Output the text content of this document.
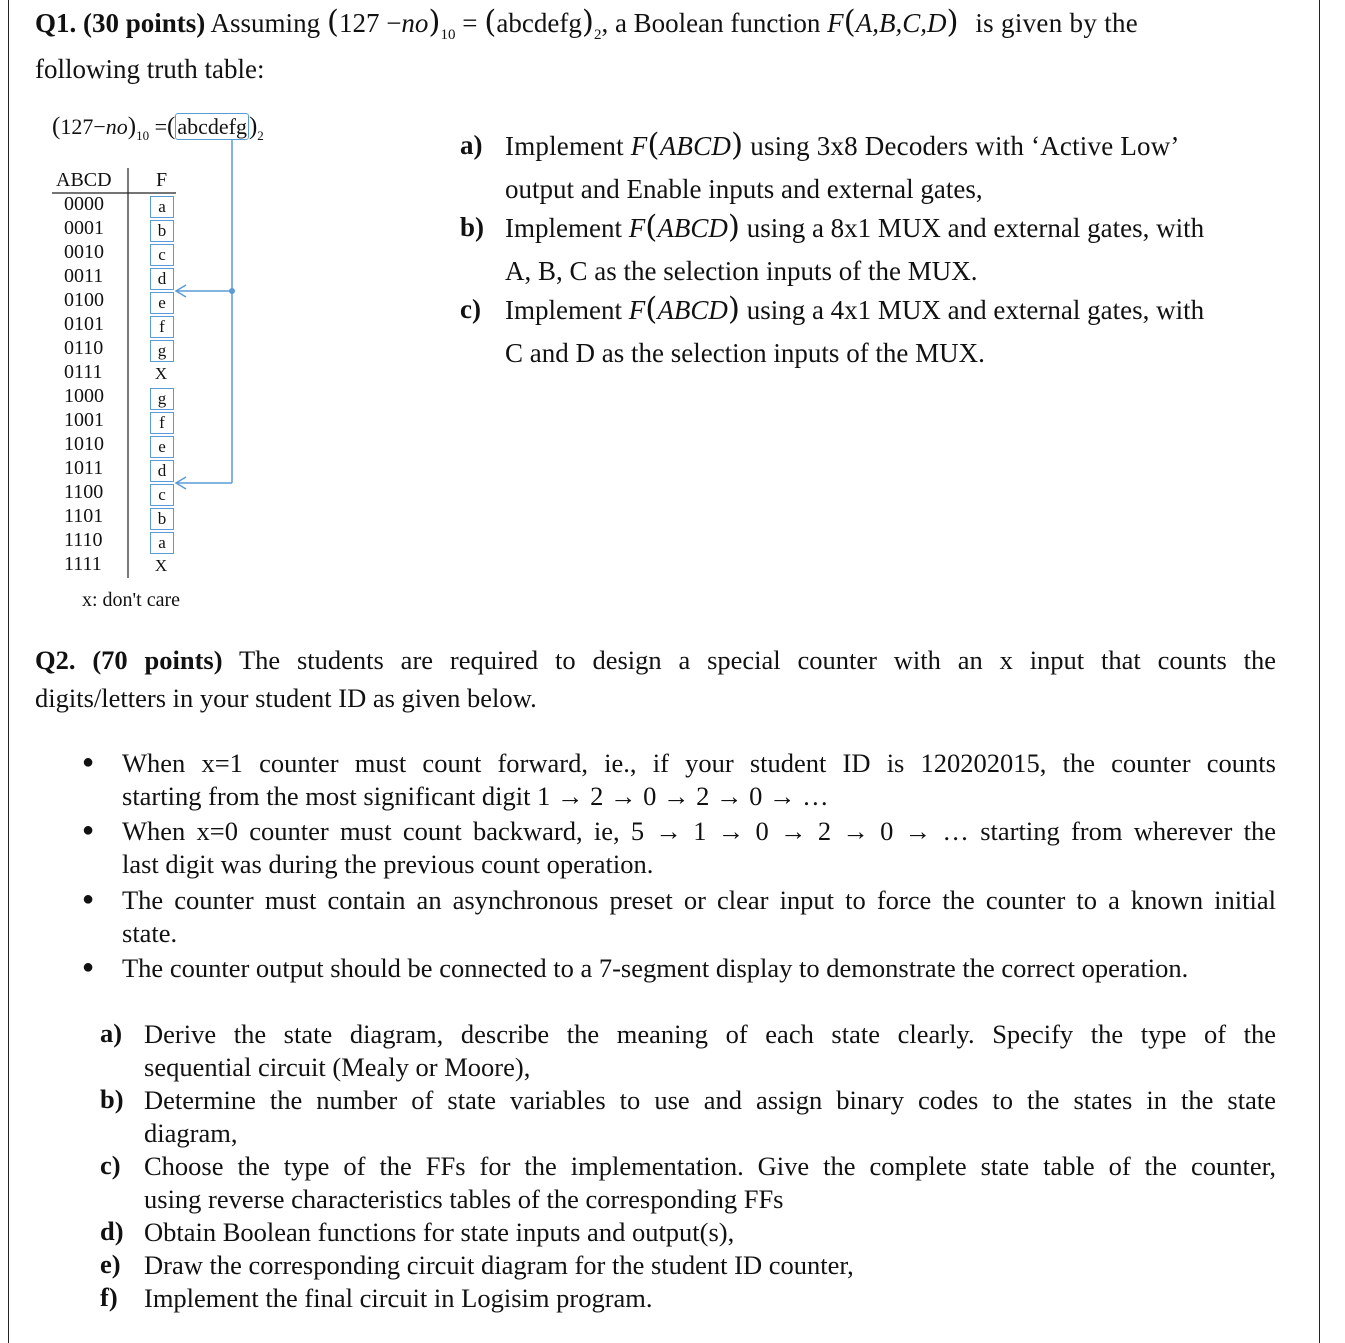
Q1. (30 points) Assuming $(127 -no)_{10}$ = $(abcdefg)_2$, a Boolean function F(A,B,C,D) is given by the
following truth table:
$(127-no)_{10}$ $=(abcdefg)_2$
ABCD F
0000	a
0001	b
0010	c
0011	d
0100	e
0101	f
0110	g
0111	X
1000	g
1001	f
1010	e
1011	d
1100	c
1101	b
1110	a
1111	X
x: don't care
a) Implement F(ABCD) using 3x8 Decoders with ‘Active Low’
output and Enable inputs and external gates,
b) Implement F(ABCD) using a 8x1 MUX and external gates, with
A, B, C as the selection inputs of the MUX.
c) Implement F(ABCD) using a 4x1 MUX and external gates, with
C and D as the selection inputs of the MUX.
Q2. (70 points) The students are required to design a special counter with an x input that counts the
digits/letters in your student ID as given below.
● When x=1 counter must count forward, ie., if your student ID is 120202015, the counter counts
starting from the most significant digit 1 → 2 → 0 → 2 → 0 → …
● When x=0 counter must count backward, ie, 5 → 1 → 0 → 2 → 0 → … starting from wherever the
last digit was during the previous count operation.
● The counter must contain an asynchronous preset or clear input to force the counter to a known initial
state.
● The counter output should be connected to a 7-segment display to demonstrate the correct operation.
a) Derive the state diagram, describe the meaning of each state clearly. Specify the type of the
sequential circuit (Mealy or Moore),
b) Determine the number of state variables to use and assign binary codes to the states in the state
diagram,
c) Choose the type of the FFs for the implementation. Give the complete state table of the counter,
using reverse characteristics tables of the corresponding FFs
d) Obtain Boolean functions for state inputs and output(s),
e) Draw the corresponding circuit diagram for the student ID counter,
f) Implement the final circuit in Logisim program.
